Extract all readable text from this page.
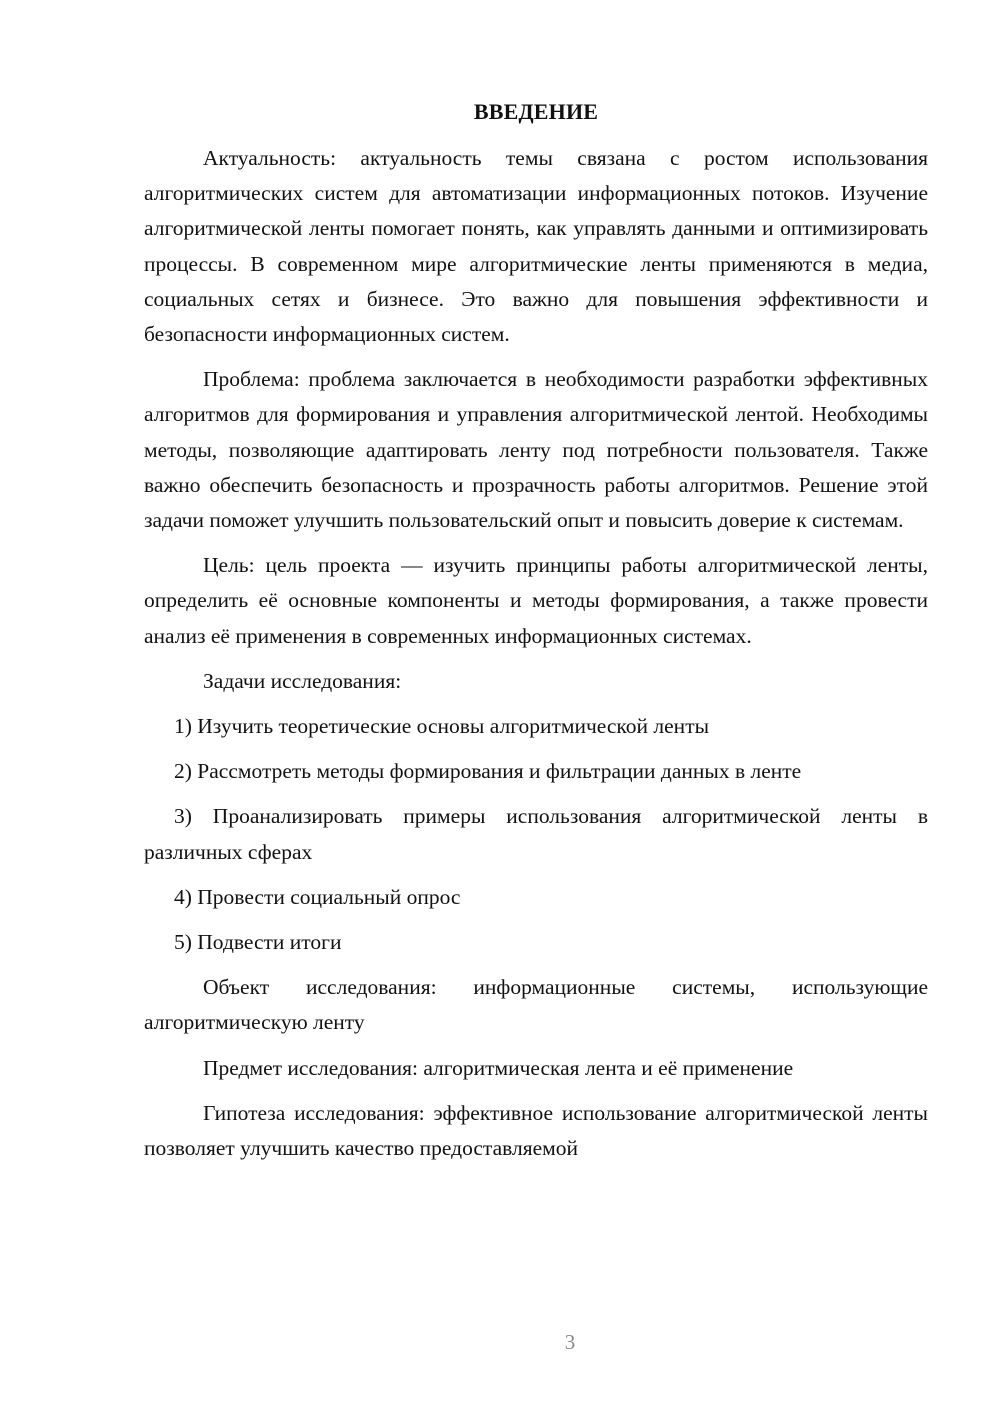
ВВЕДЕНИЕ

Актуальность: актуальность темы связана с ростом использования алгоритмических систем для автоматизации информационных потоков. Изучение алгоритмической ленты помогает понять, как управлять данными и оптимизировать процессы. В современном мире алгоритмические ленты применяются в медиа, социальных сетях и бизнесе. Это важно для повышения эффективности и безопасности информационных систем.

Проблема: проблема заключается в необходимости разработки эффективных алгоритмов для формирования и управления алгоритмической лентой. Необходимы методы, позволяющие адаптировать ленту под потребности пользователя. Также важно обеспечить безопасность и прозрачность работы алгоритмов. Решение этой задачи поможет улучшить пользовательский опыт и повысить доверие к системам.

Цель: цель проекта — изучить принципы работы алгоритмической ленты, определить её основные компоненты и методы формирования, а также провести анализ её применения в современных информационных системах.

Задачи исследования:

1) Изучить теоретические основы алгоритмической ленты

2) Рассмотреть методы формирования и фильтрации данных в ленте

3) Проанализировать примеры использования алгоритмической ленты в различных сферах

4) Провести социальный опрос

5) Подвести итоги

Объект исследования: информационные системы, использующие алгоритмическую ленту

Предмет исследования: алгоритмическая лента и её применение

Гипотеза исследования: эффективное использование алгоритмической ленты позволяет улучшить качество предоставляемой

3
